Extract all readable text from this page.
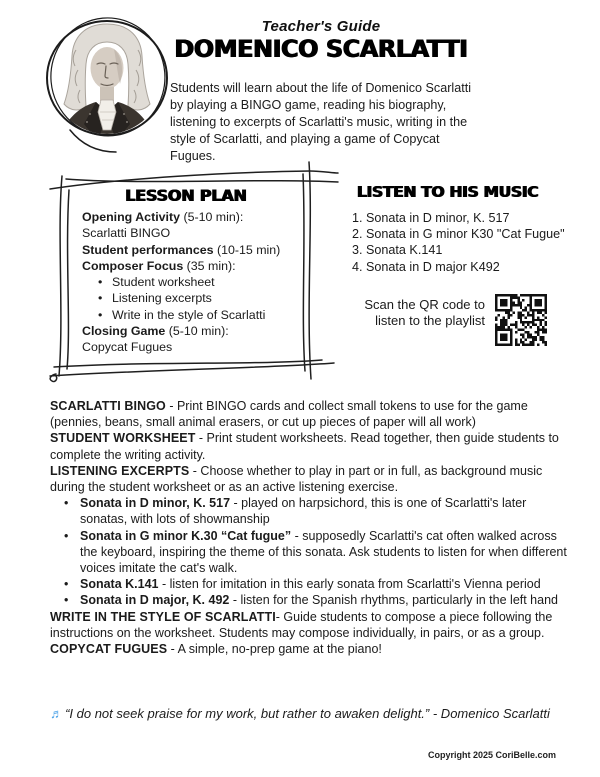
Teacher's Guide
DOMENICO SCARLATTI

Students will learn about the life of Domenico Scarlatti by playing a BINGO game, reading his biography, listening to excerpts of Scarlatti's music, writing in the style of Scarlatti, and playing a game of Copycat Fugues.

LESSON PLAN
Opening Activity (5-10 min):
Scarlatti BINGO
Student performances (10-15 min)
Composer Focus (35 min):
• Student worksheet
• Listening excerpts
• Write in the style of Scarlatti
Closing Game (5-10 min):
Copycat Fugues
LISTEN TO HIS MUSIC
1. Sonata in D minor, K. 517
2. Sonata in G minor K30 "Cat Fugue"
3. Sonata K.141
4. Sonata in D major K492
Scan the QR code to listen to the playlist

SCARLATTI BINGO - Print BINGO cards and collect small tokens to use for the game (pennies, beans, small animal erasers, or cut up pieces of paper will all work)

STUDENT WORKSHEET - Print student worksheets. Read together, then guide students to complete the writing activity.

LISTENING EXCERPTS - Choose whether to play in part or in full, as background music during the student worksheet or as an active listening exercise.

• Sonata in D minor, K. 517 - played on harpsichord, this is one of Scarlatti's later sonatas, with lots of showmanship

• Sonata in G minor K.30 “Cat fugue” - supposedly Scarlatti's cat often walked across the keyboard, inspiring the theme of this sonata. Ask students to listen for when different voices imitate the cat's walk.

• Sonata K.141 - listen for imitation in this early sonata from Scarlatti's Vienna period

• Sonata in D major, K. 492 - listen for the Spanish rhythms, particularly in the left hand

WRITE IN THE STYLE OF SCARLATTI- Guide students to compose a piece following the instructions on the worksheet. Students may compose individually, in pairs, or as a group.

COPYCAT FUGUES - A simple, no-prep game at the piano!

♬ “I do not seek praise for my work, but rather to awaken delight.” - Domenico Scarlatti
Copyright 2025 CoriBelle.com
